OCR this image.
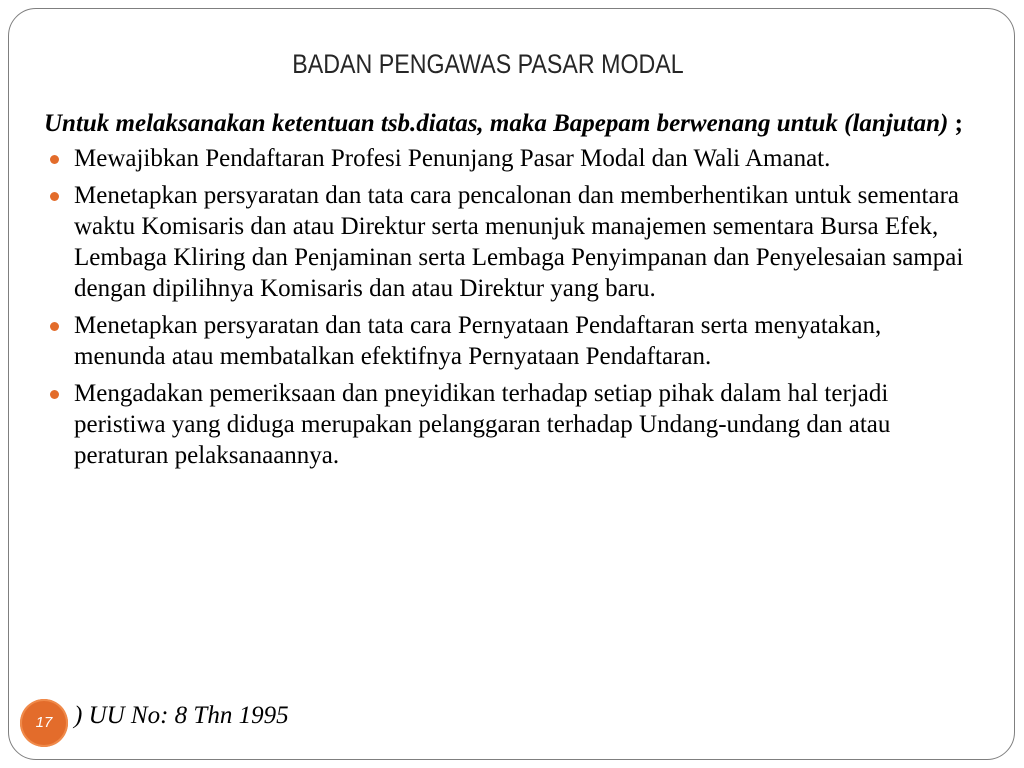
BADAN PENGAWAS PASAR MODAL

Untuk melaksanakan ketentuan tsb.diatas, maka Bapepam berwenang untuk (lanjutan) ;

Mewajibkan Pendaftaran Profesi Penunjang Pasar Modal dan Wali Amanat.
Menetapkan persyaratan dan tata cara pencalonan dan memberhentikan untuk sementara waktu Komisaris dan atau Direktur serta menunjuk manajemen sementara Bursa Efek, Lembaga Kliring dan Penjaminan serta Lembaga Penyimpanan dan Penyelesaian sampai dengan dipilihnya Komisaris dan atau Direktur yang baru.
Menetapkan persyaratan dan tata cara Pernyataan Pendaftaran serta menyatakan, menunda atau membatalkan efektifnya Pernyataan Pendaftaran.
Mengadakan pemeriksaan dan pneyidikan terhadap setiap pihak dalam hal terjadi peristiwa yang diduga merupakan pelanggaran terhadap Undang-undang dan atau peraturan pelaksanaannya.
17 ) UU No: 8 Thn 1995
